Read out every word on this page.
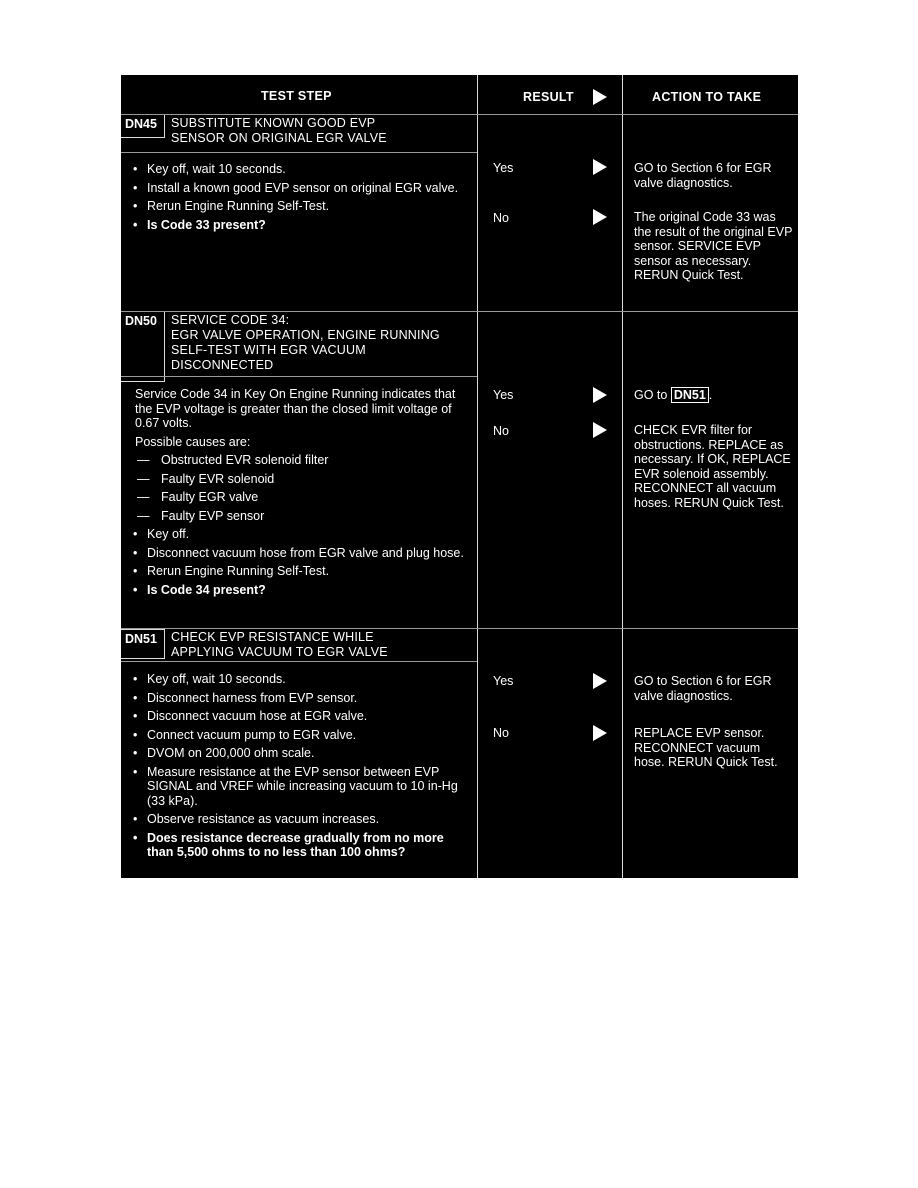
TEST STEP	RESULT	ACTION TO TAKE
DN45	SUBSTITUTE KNOWN GOOD EVP
SENSOR ON ORIGINAL EGR VALVE
• Key off, wait 10 seconds.
• Install a known good EVP sensor on original EGR valve.
• Rerun Engine Running Self-Test.
• Is Code 33 present?
Yes	GO to Section 6 for EGR valve diagnostics.
No	The original Code 33 was the result of the original EVP sensor. SERVICE EVP sensor as necessary. RERUN Quick Test.
DN50	SERVICE CODE 34:
EGR VALVE OPERATION, ENGINE RUNNING
SELF-TEST WITH EGR VACUUM
DISCONNECTED
Service Code 34 in Key On Engine Running indicates that the EVP voltage is greater than the closed limit voltage of 0.67 volts.
Possible causes are:
— Obstructed EVR solenoid filter
— Faulty EVR solenoid
— Faulty EGR valve
— Faulty EVP sensor
• Key off.
• Disconnect vacuum hose from EGR valve and plug hose.
• Rerun Engine Running Self-Test.
• Is Code 34 present?
Yes	GO to DN51 .
No	CHECK EVR filter for obstructions. REPLACE as necessary. If OK, REPLACE EVR solenoid assembly. RECONNECT all vacuum hoses. RERUN Quick Test.
DN51	CHECK EVP RESISTANCE WHILE
APPLYING VACUUM TO EGR VALVE
• Key off, wait 10 seconds.
• Disconnect harness from EVP sensor.
• Disconnect vacuum hose at EGR valve.
• Connect vacuum pump to EGR valve.
• DVOM on 200,000 ohm scale.
• Measure resistance at the EVP sensor between EVP SIGNAL and VREF while increasing vacuum to 10 in-Hg (33 kPa).
• Observe resistance as vacuum increases.
• Does resistance decrease gradually from no more than 5,500 ohms to no less than 100 ohms?
Yes	GO to Section 6 for EGR valve diagnostics.
No	REPLACE EVP sensor. RECONNECT vacuum hose. RERUN Quick Test.
